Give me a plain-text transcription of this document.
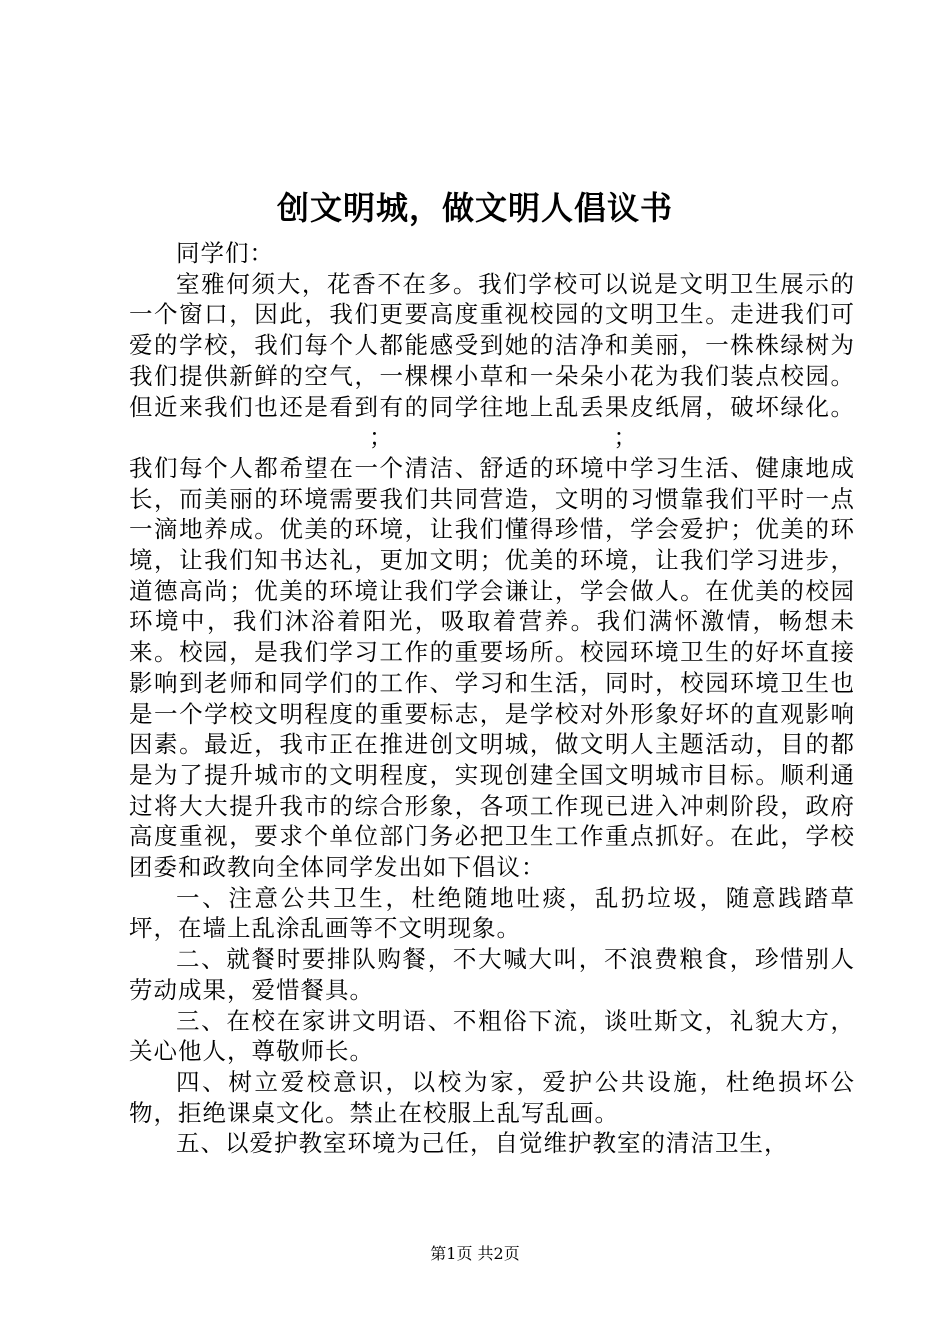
创文明城，做文明人倡议书

同学们：

室雅何须大，花香不在多。我们学校可以说是文明卫生展示的一个窗口，因此，我们更要高度重视校园的文明卫生。走进我们可爱的学校，我们每个人都能感受到她的洁净和美丽，一株株绿树为我们提供新鲜的空气，一棵棵小草和一朵朵小花为我们装点校园。但近来我们也还是看到有的同学往地上乱丢果皮纸屑，破坏绿化。；	；

我们每个人都希望在一个清洁、舒适的环境中学习生活、健康地成长，而美丽的环境需要我们共同营造，文明的习惯靠我们平时一点一滴地养成。优美的环境，让我们懂得珍惜，学会爱护；优美的环境，让我们知书达礼，更加文明；优美的环境，让我们学习进步，道德高尚；优美的环境让我们学会谦让，学会做人。在优美的校园环境中，我们沐浴着阳光，吸取着营养。我们满怀激情，畅想未来。校园，是我们学习工作的重要场所。校园环境卫生的好坏直接影响到老师和同学们的工作、学习和生活，同时，校园环境卫生也是一个学校文明程度的重要标志，是学校对外形象好坏的直观影响因素。最近，我市正在推进创文明城，做文明人主题活动，目的都是为了提升城市的文明程度，实现创建全国文明城市目标。顺利通过将大大提升我市的综合形象，各项工作现已进入冲刺阶段，政府高度重视，要求个单位部门务必把卫生工作重点抓好。在此，学校团委和政教向全体同学发出如下倡议：

一、注意公共卫生，杜绝随地吐痰，乱扔垃圾，随意践踏草坪，在墙上乱涂乱画等不文明现象。

二、就餐时要排队购餐，不大喊大叫，不浪费粮食，珍惜别人劳动成果，爱惜餐具。

三、在校在家讲文明语、不粗俗下流，谈吐斯文，礼貌大方，关心他人，尊敬师长。

四、树立爱校意识，以校为家，爱护公共设施，杜绝损坏公物，拒绝课桌文化。禁止在校服上乱写乱画。

五、以爱护教室环境为己任，自觉维护教室的清洁卫生，

第1页 共2页
